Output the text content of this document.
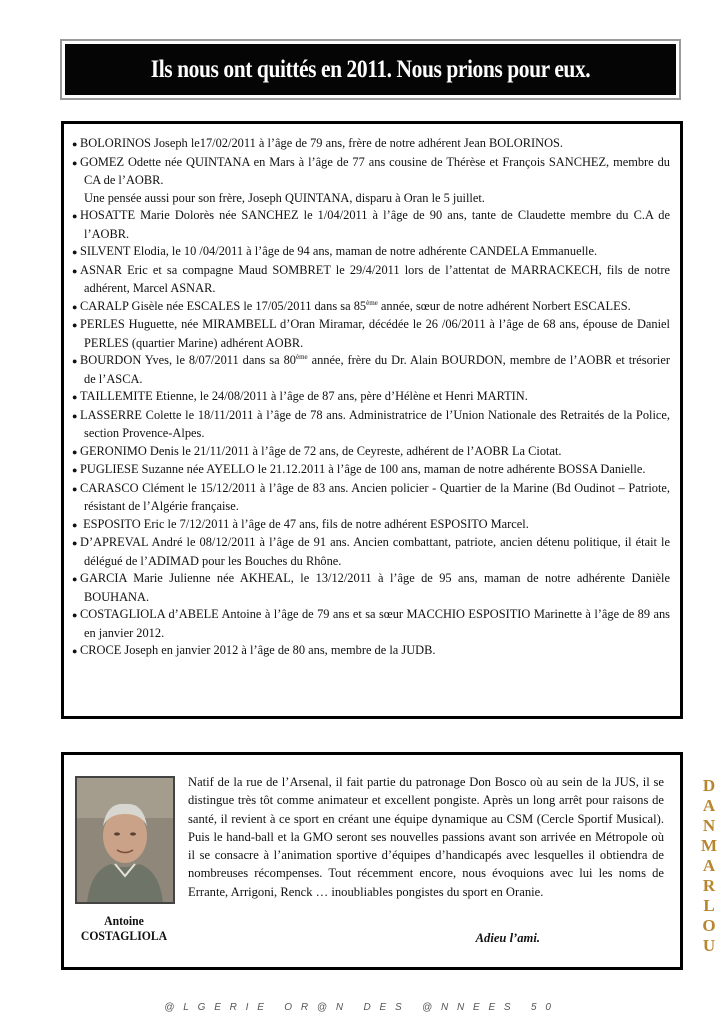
Ils nous ont quittés en 2011. Nous prions pour eux.

● BOLORINOS Joseph le17/02/2011 à l’âge de 79 ans, frère de notre adhérent Jean BOLORINOS.

● GOMEZ Odette née QUINTANA en Mars à l’âge de 77 ans cousine de Thérèse et François SANCHEZ, membre du CA de l’AOBR.

Une pensée aussi pour son frère, Joseph QUINTANA, disparu à Oran le 5 juillet.

● HOSATTE Marie Dolorès née SANCHEZ le 1/04/2011 à l’âge de 90 ans, tante de Claudette membre du C.A de l’AOBR.

● SILVENT Elodia, le 10 /04/2011 à l’âge de 94 ans, maman de notre adhérente CANDELA Emmanuelle.

● ASNAR Eric et sa compagne Maud SOMBRET le 29/4/2011 lors de l’attentat de MARRACKECH, fils de notre adhérent, Marcel ASNAR.

● CARALP Gisèle née ESCALES le 17/05/2011 dans sa 85ème année, sœur de notre adhérent Norbert ESCALES.

● PERLES Huguette, née MIRAMBELL d’Oran Miramar, décédée le 26 /06/2011 à l’âge de 68 ans, épouse de Daniel PERLES (quartier Marine) adhérent AOBR.

● BOURDON Yves, le 8/07/2011 dans sa 80ème année, frère du Dr. Alain BOURDON, membre de l’AOBR et trésorier de l’ASCA.

● TAILLEMITE Etienne, le 24/08/2011 à l’âge de 87 ans, père d’Hélène et Henri MARTIN.

● LASSERRE Colette le 18/11/2011 à l’âge de 78 ans. Administratrice de l’Union Nationale des Retraités de la Police, section Provence-Alpes.

● GERONIMO Denis le 21/11/2011 à l’âge de 72 ans, de Ceyreste, adhérent de l’AOBR La Ciotat.

● PUGLIESE Suzanne née AYELLO le 21.12.2011 à l’âge de 100 ans, maman de notre adhérente BOSSA Danielle.

● CARASCO Clément le 15/12/2011 à l’âge de 83 ans. Ancien policier - Quartier de la Marine (Bd Oudinot – Patriote, résistant de l’Algérie française.

● ESPOSITO Eric le 7/12/2011 à l’âge de 47 ans, fils de notre adhérent ESPOSITO Marcel.

● D’APREVAL André le 08/12/2011 à l’âge de 91 ans. Ancien combattant, patriote, ancien détenu politique, il était le délégué de l’ADIMAD pour les Bouches du Rhône.

● GARCIA Marie Julienne née AKHEAL, le 13/12/2011 à l’âge de 95 ans, maman de notre adhérente Danièle BOUHANA.

● COSTAGLIOLA d’ABELE Antoine à l’âge de 79 ans et sa sœur MACCHIO ESPOSITIO Marinette à l’âge de 89 ans en janvier 2012.

● CROCE Joseph en janvier 2012 à l’âge de 80 ans, membre de la JUDB.

Antoine
COSTAGLIOLA
Natif de la rue de l’Arsenal, il fait partie du patronage Don Bosco où au sein de la JUS, il se distingue très tôt comme animateur et excellent pongiste. Après un long arrêt pour raisons de santé, il revient à ce sport en créant une équipe dynamique au CSM (Cercle Sportif Musical). Puis le hand-ball et la GMO seront ses nouvelles passions avant son arrivée en Métropole où il se consacre à l’animation sportive d’équipes d’handicapés avec lesquelles il obtiendra de nombreuses récompenses. Tout récemment encore, nous évoquions avec lui les noms de Errante, Arrigoni, Renck … inoubliables pongistes du sport en Oranie.
Adieu l’ami.
DANMARLOU
@LGERIE OR@N DES @NNEES 50
